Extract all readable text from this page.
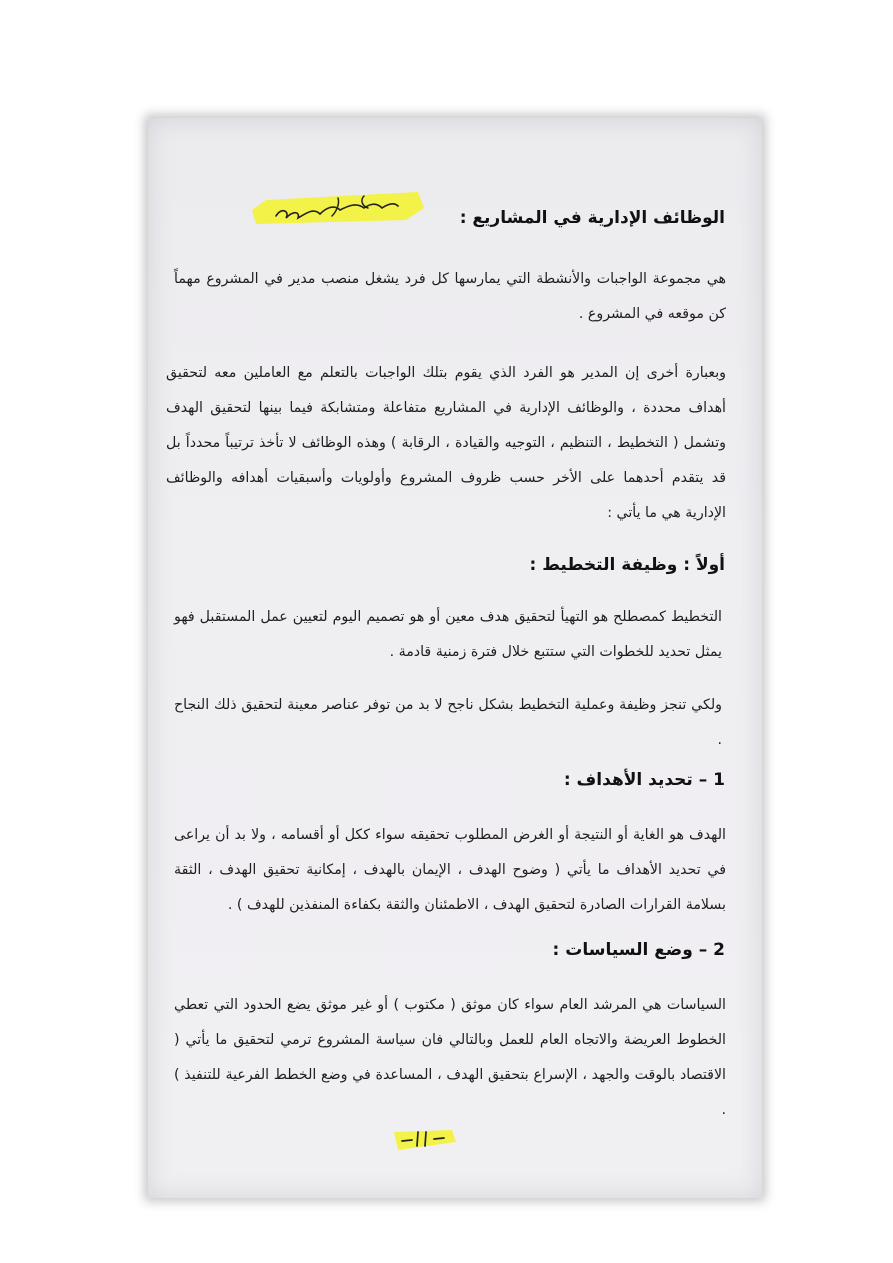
الوظائف الإدارية في المشاريع :
هي مجموعة الواجبات والأنشطة التي يمارسها كل فرد يشغل منصب مدير في المشروع مهماً كن موقعه في المشروع .
وبعبارة أخرى إن المدير هو الفرد الذي يقوم بتلك الواجبات بالتعلم مع العاملين معه لتحقيق أهداف محددة ، والوظائف الإدارية في المشاريع متفاعلة ومتشابكة فيما بينها لتحقيق الهدف وتشمل ( التخطيط ، التنظيم ، التوجيه والقيادة ، الرقابة ) وهذه الوظائف لا تأخذ ترتيباً محدداً بل قد يتقدم أحدهما على الأخر حسب ظروف المشروع وأولويات وأسبقيات أهدافه والوظائف الإدارية هي ما يأتي :
أولاً : وظيفة التخطيط :
التخطيط كمصطلح هو التهيأ لتحقيق هدف معين أو هو تصميم اليوم لتعيين عمل المستقبل فهو يمثل تحديد للخطوات التي ستتبع خلال فترة زمنية قادمة .
ولكي تنجز وظيفة وعملية التخطيط بشكل ناجح لا بد من توفر عناصر معينة لتحقيق ذلك النجاح .
1 – تحديد الأهداف :
الهدف هو الغاية أو النتيجة أو الغرض المطلوب تحقيقه سواء ككل أو أقسامه ، ولا بد أن يراعى في تحديد الأهداف ما يأتي ( وضوح الهدف ، الإيمان بالهدف ، إمكانية تحقيق الهدف ، الثقة بسلامة القرارات الصادرة لتحقيق الهدف ، الاطمئنان والثقة بكفاءة المنفذين للهدف ) .
2 – وضع السياسات :
السياسات هي المرشد العام سواء كان موثق ( مكتوب ) أو غير موثق يضع الحدود التي تعطي الخطوط العريضة والاتجاه العام للعمل وبالتالي فان سياسة المشروع ترمي لتحقيق ما يأتي ( الاقتصاد بالوقت والجهد ، الإسراع بتحقيق الهدف ، المساعدة في وضع الخطط الفرعية للتنفيذ ) .
